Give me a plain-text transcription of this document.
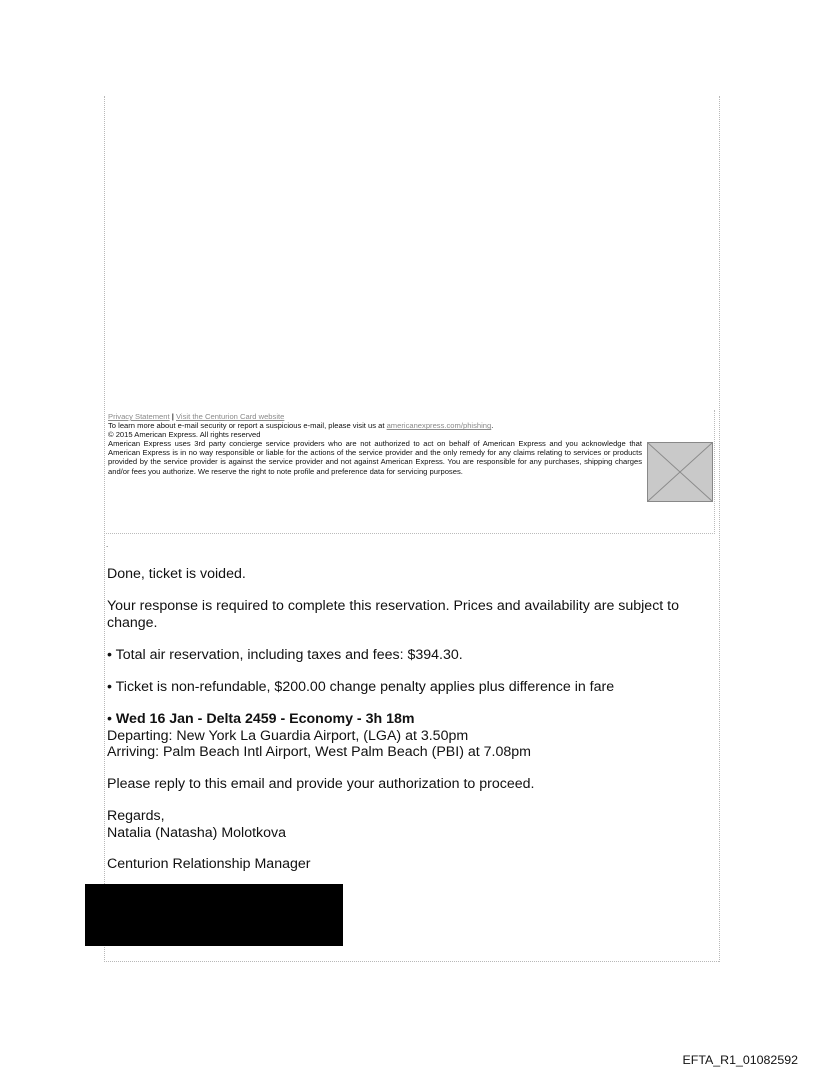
Privacy Statement | Visit the Centurion Card website
To learn more about e-mail security or report a suspicious e-mail, please visit us at americanexpress.com/phishing.
© 2015 American Express. All rights reserved
American Express uses 3rd party concierge service providers who are not authorized to act on behalf of American Express and you acknowledge that American Express is in no way responsible or liable for the actions of the service provider and the only remedy for any claims relating to services or products provided by the service provider is against the service provider and not against American Express. You are responsible for any purchases, shipping charges and/or fees you authorize. We reserve the right to note profile and preference data for servicing purposes.
.
Done, ticket is voided.
Your response is required to complete this reservation. Prices and availability are subject to change.
• Total air reservation, including taxes and fees: $394.30.
• Ticket is non-refundable, $200.00 change penalty applies plus difference in fare
• Wed 16 Jan - Delta 2459 - Economy - 3h 18m
Departing: New York La Guardia Airport, (LGA) at 3.50pm
Arriving: Palm Beach Intl Airport, West Palm Beach (PBI) at 7.08pm
Please reply to this email and provide your authorization to proceed.
Regards,
Natalia (Natasha) Molotkova
Centurion Relationship Manager
EFTA_R1_01082592
